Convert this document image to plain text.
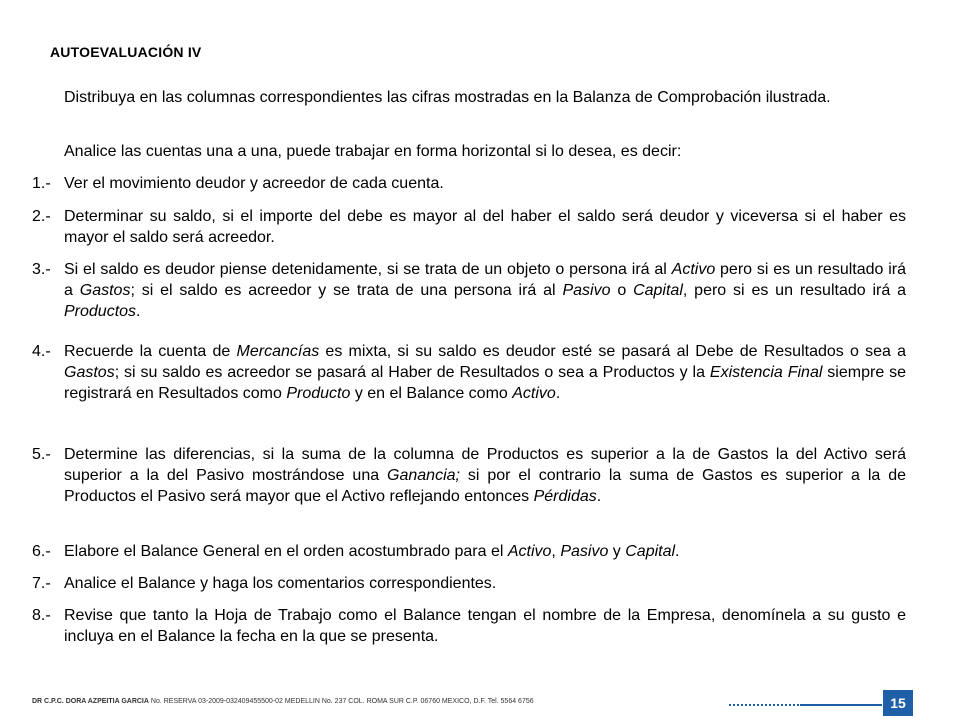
AUTOEVALUACIÓN IV

Distribuya en las columnas correspondientes las cifras mostradas en la Balanza de Comprobación ilustrada.

Analice las cuentas una a una, puede trabajar en forma horizontal si lo desea, es decir:

1.- Ver el movimiento deudor y acreedor de cada cuenta.
2.- Determinar su saldo, si el importe del debe es mayor al del haber el saldo será deudor y viceversa si el haber es mayor el saldo será acreedor.
3.- Si el saldo es deudor piense detenidamente, si se trata de un objeto o persona irá al Activo pero si es un resultado irá a Gastos; si el saldo es acreedor y se trata de una persona irá al Pasivo o Capital, pero si es un resultado irá a Productos.
4.- Recuerde la cuenta de Mercancías es mixta, si su saldo es deudor esté se pasará al Debe de Resultados o sea a Gastos; si su saldo es acreedor se pasará al Haber de Resultados o sea a Productos y la Existencia Final siempre se registrará en Resultados como Producto y en el Balance como Activo.
5.- Determine las diferencias, si la suma de la columna de Productos es superior a la de Gastos la del Activo será superior a la del Pasivo mostrándose una Ganancia; si por el contrario la suma de Gastos es superior a la de Productos el Pasivo será mayor que el Activo reflejando entonces Pérdidas.
6.- Elabore el Balance General en el orden acostumbrado para el Activo, Pasivo y Capital.
7.- Analice el Balance y haga los comentarios correspondientes.
8.- Revise que tanto la Hoja de Trabajo como el Balance tengan el nombre de la Empresa, denomínela a su gusto e incluya en el Balance la fecha en la que se presenta.
DR C.P.C. DORA AZPEITIA GARCIA No. RESERVA 03-2009-032409455500-02 MEDELLIN No. 237 COL. ROMA SUR C.P. 06760 MEXICO, D.F. Tel. 5564 6756	15
